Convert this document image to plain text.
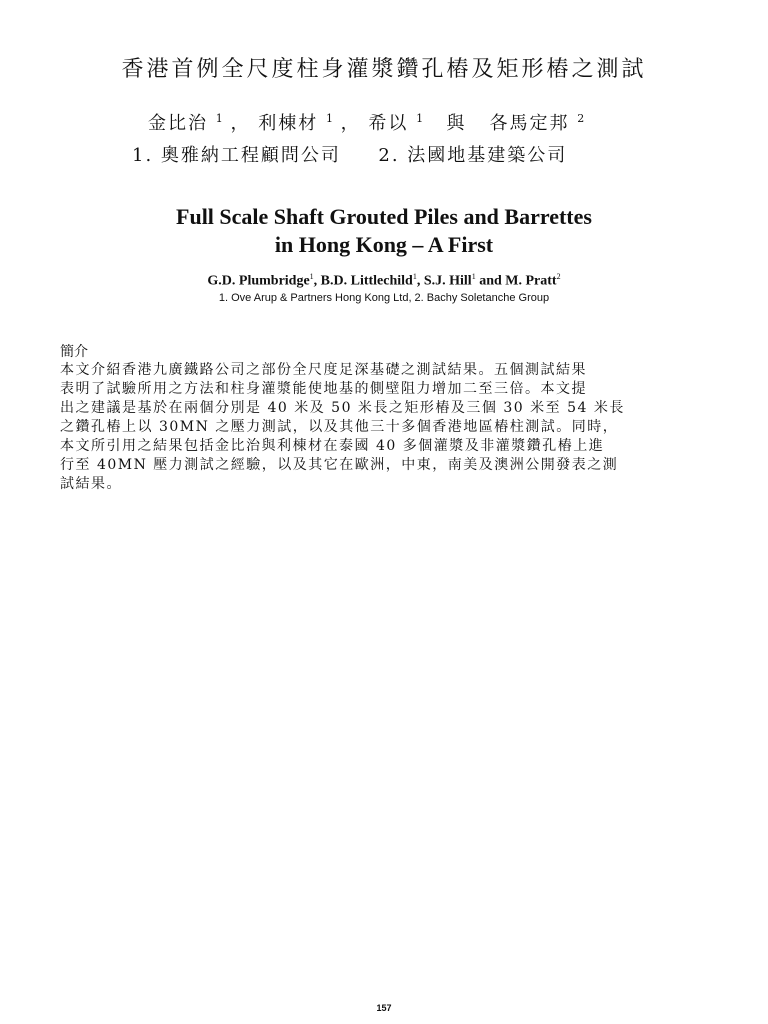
香港首例全尺度柱身灌漿鑽孔樁及矩形樁之測試
金比治 $^1$ ， 利棟材 $^1$ ， 希以 $^1$ 與 各馬定邦 $^2$
1. 奧雅納工程顧問公司 2. 法國地基建築公司
Full Scale Shaft Grouted Piles and Barrettes
in Hong Kong – A First
G.D. Plumbridge$^1$, B.D. Littlechild$^1$, S.J. Hill$^1$ and M. Pratt$^2$
1. Ove Arup & Partners Hong Kong Ltd, 2. Bachy Soletanche Group
簡介
本文介紹香港九廣鐵路公司之部份全尺度足深基礎之測試結果。五個測試結果
表明了試驗所用之方法和柱身灌漿能使地基的側壁阻力增加二至三倍。本文提
出之建議是基於在兩個分別是 40 米及 50 米長之矩形樁及三個 30 米至 54 米長
之鑽孔樁上以 30MN 之壓力測試，以及其他三十多個香港地區樁柱測試。同時，
本文所引用之結果包括金比治與利棟材在泰國 40 多個灌漿及非灌漿鑽孔樁上進
行至 40MN 壓力測試之經驗，以及其它在歐洲，中東，南美及澳洲公開發表之測
試結果。
157
